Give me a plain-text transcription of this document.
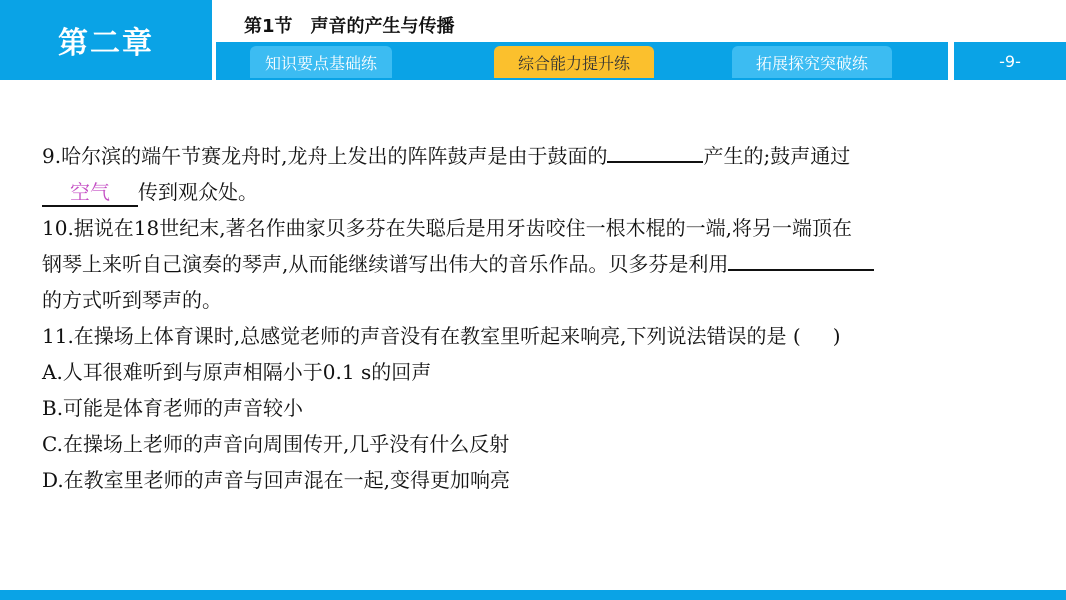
第二章	第1节 声音的产生与传播
知识要点基础练	综合能力提升练	拓展探究突破练	-9-
9.哈尔滨的端午节赛龙舟时,龙舟上发出的阵阵鼓声是由于鼓面的	产生的;鼓声通过
空气 传到观众处。
10.据说在18世纪末,著名作曲家贝多芬在失聪后是用牙齿咬住一根木棍的一端,将另一端顶在
钢琴上来听自己演奏的琴声,从而能继续谱写出伟大的音乐作品。贝多芬是利用
的方式听到琴声的。
11.在操场上体育课时,总感觉老师的声音没有在教室里听起来响亮,下列说法错误的是 ( )
A.人耳很难听到与原声相隔小于0.1 s的回声
B.可能是体育老师的声音较小
C.在操场上老师的声音向周围传开,几乎没有什么反射
D.在教室里老师的声音与回声混在一起,变得更加响亮
